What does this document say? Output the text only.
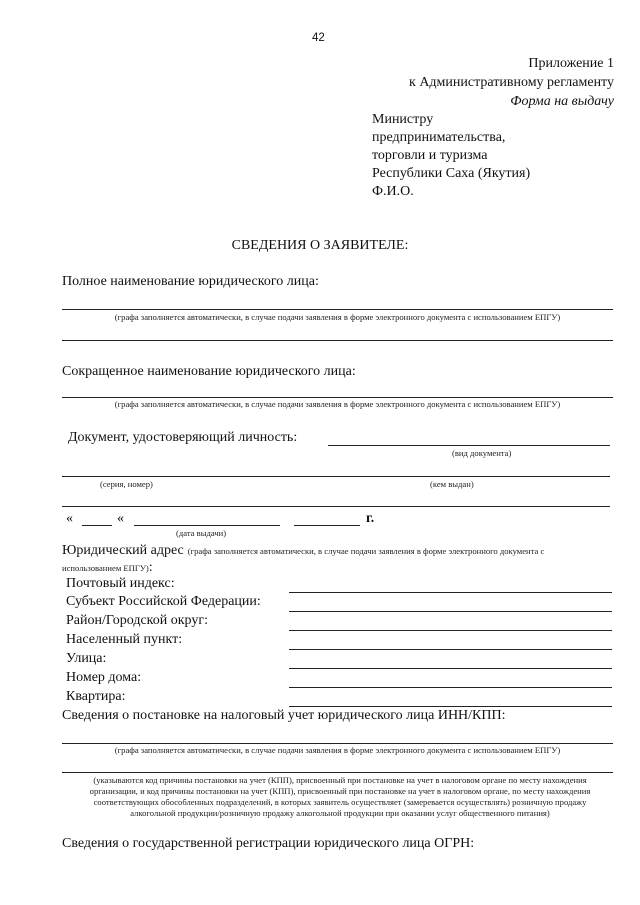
42
Приложение 1
к Административному регламенту
Форма на выдачу
Министру
предпринимательства,
торговли и туризма
Республики Саха (Якутия)
Ф.И.О.
СВЕДЕНИЯ О ЗАЯВИТЕЛЕ:
Полное наименование юридического лица:
(графа заполняется автоматически, в случае подачи заявления в форме электронного документа с использованием ЕПГУ)
Сокращенное наименование юридического лица:
(графа заполняется автоматически, в случае подачи заявления в форме электронного документа с использованием ЕПГУ)
Документ, удостоверяющий личность:
(вид документа)
(серия, номер)	(кем выдан)
«	«	г.
(дата выдачи)
Юридический адрес (графа заполняется автоматически, в случае подачи заявления в форме электронного документа с
использованием ЕПГУ):
Почтовый индекс:
Субъект Российской Федерации:
Район/Городской округ:
Населенный пункт:
Улица:
Номер дома:
Квартира:
Сведения о постановке на налоговый учет юридического лица ИНН/КПП:
(графа заполняется автоматически, в случае подачи заявления в форме электронного документа с использованием ЕПГУ)
(указываются код причины постановки на учет (КПП), присвоенный при постановке на учет в налоговом органе по месту нахождения организации, и код причины постановки на учет (КПП), присвоенный при постановке на учет в налоговом органе, по месту нахождения соответствующих обособленных подразделений, в которых заявитель осуществляет (замеревается осуществлять) розничную продажу алкогольной продукции/розничную продажу алкогольной продукции при оказании услуг общественного питания)
Сведения о государственной регистрации юридического лица ОГРН:
